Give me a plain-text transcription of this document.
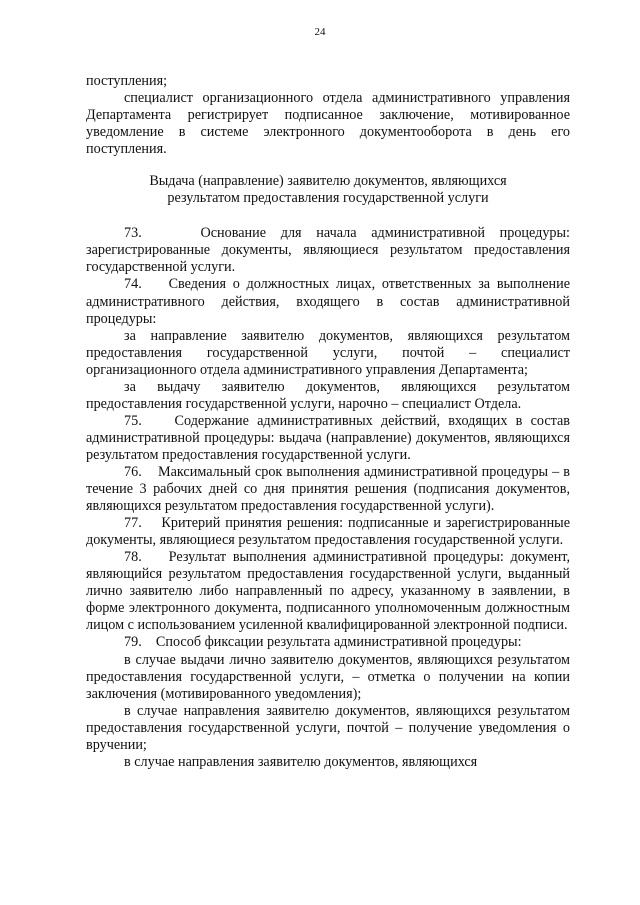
24

поступления;

специалист организационного отдела административного управления Департамента регистрирует подписанное заключение, мотивированное уведомление в системе электронного документооборота в день его поступления.

Выдача (направление) заявителю документов, являющихся

результатом предоставления государственной услуги

73.    Основание для начала административной процедуры: зарегистрированные документы, являющиеся результатом предоставления государственной услуги.

74.    Сведения о должностных лицах, ответственных за выполнение административного действия, входящего в состав административной процедуры:

за направление заявителю документов, являющихся результатом предоставления государственной услуги, почтой – специалист организационного отдела административного управления Департамента;

за выдачу заявителю документов, являющихся результатом предоставления государственной услуги, нарочно – специалист Отдела.

75.    Содержание административных действий, входящих в состав административной процедуры: выдача (направление) документов, являющихся результатом предоставления государственной услуги.

76.    Максимальный срок выполнения административной процедуры – в течение 3 рабочих дней со дня принятия решения (подписания документов, являющихся результатом предоставления государственной услуги).

77.    Критерий принятия решения: подписанные и зарегистрированные документы, являющиеся результатом предоставления государственной услуги.

78.    Результат выполнения административной процедуры: документ, являющийся результатом предоставления государственной услуги, выданный лично заявителю либо направленный по адресу, указанному в заявлении, в форме электронного документа, подписанного уполномоченным должностным лицом с использованием усиленной квалифицированной электронной подписи.

79.    Способ фиксации результата административной процедуры:

в случае выдачи лично заявителю документов, являющихся результатом предоставления государственной услуги, – отметка о получении на копии заключения (мотивированного уведомления);

в случае направления заявителю документов, являющихся результатом предоставления государственной услуги, почтой – получение уведомления о вручении;

в случае направления заявителю документов, являющихся
